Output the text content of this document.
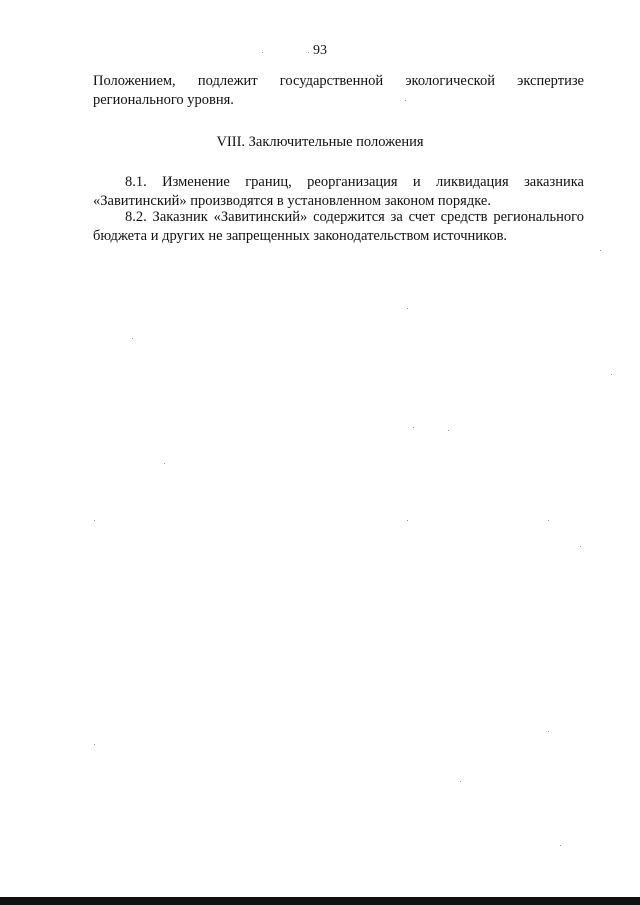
93
Положением, подлежит государственной экологической экспертизе регионального уровня.
VIII. Заключительные положения
8.1. Изменение границ, реорганизация и ликвидация заказника «Завитинский» производятся в установленном законом порядке.
8.2. Заказник «Завитинский» содержится за счет средств регионального бюджета и других не запрещенных законодательством источников.
